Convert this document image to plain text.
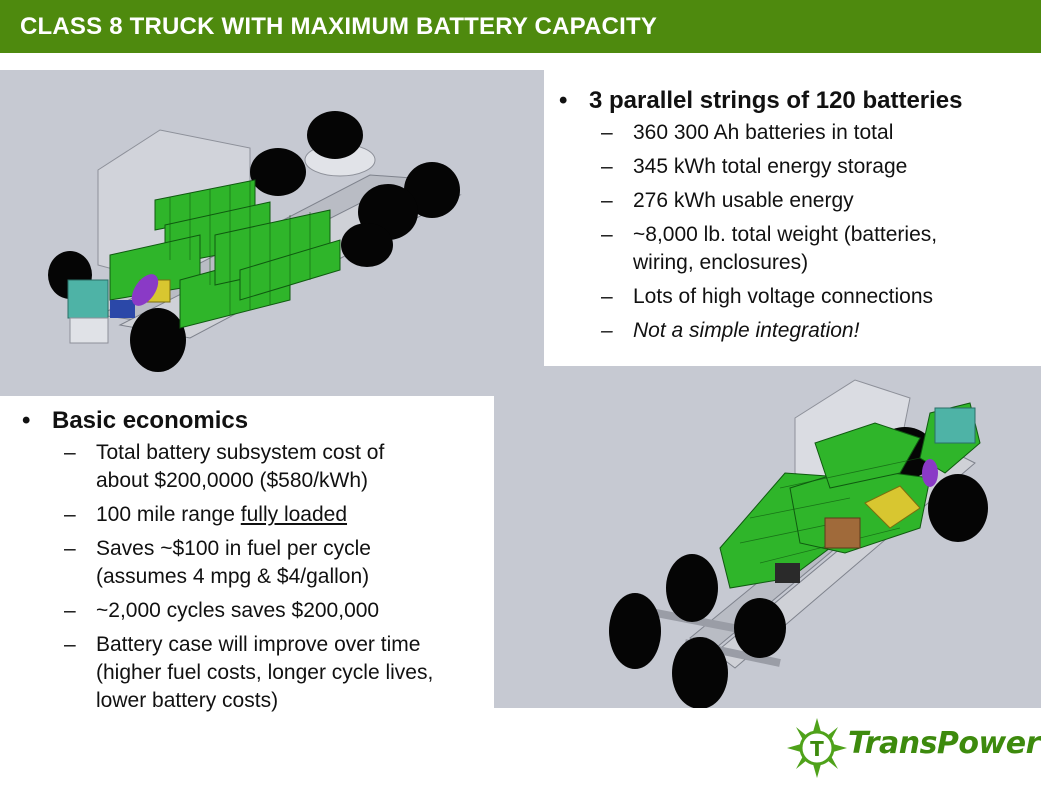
CLASS 8 TRUCK WITH MAXIMUM BATTERY CAPACITY
• 3 parallel strings of 120 batteries
– 360 300 Ah batteries in total
– 345 kWh total energy storage
– 276 kWh usable energy
– ~8,000 lb. total weight (batteries, wiring, enclosures)
– Lots of high voltage connections
– Not a simple integration!
• Basic economics
– Total battery subsystem cost of about $200,0000 ($580/kWh)
– 100 mile range fully loaded
– Saves ~$100 in fuel per cycle (assumes 4 mpg & $4/gallon)
– ~2,000 cycles saves $200,000
– Battery case will improve over time (higher fuel costs, longer cycle lives, lower battery costs)
T TransPower
